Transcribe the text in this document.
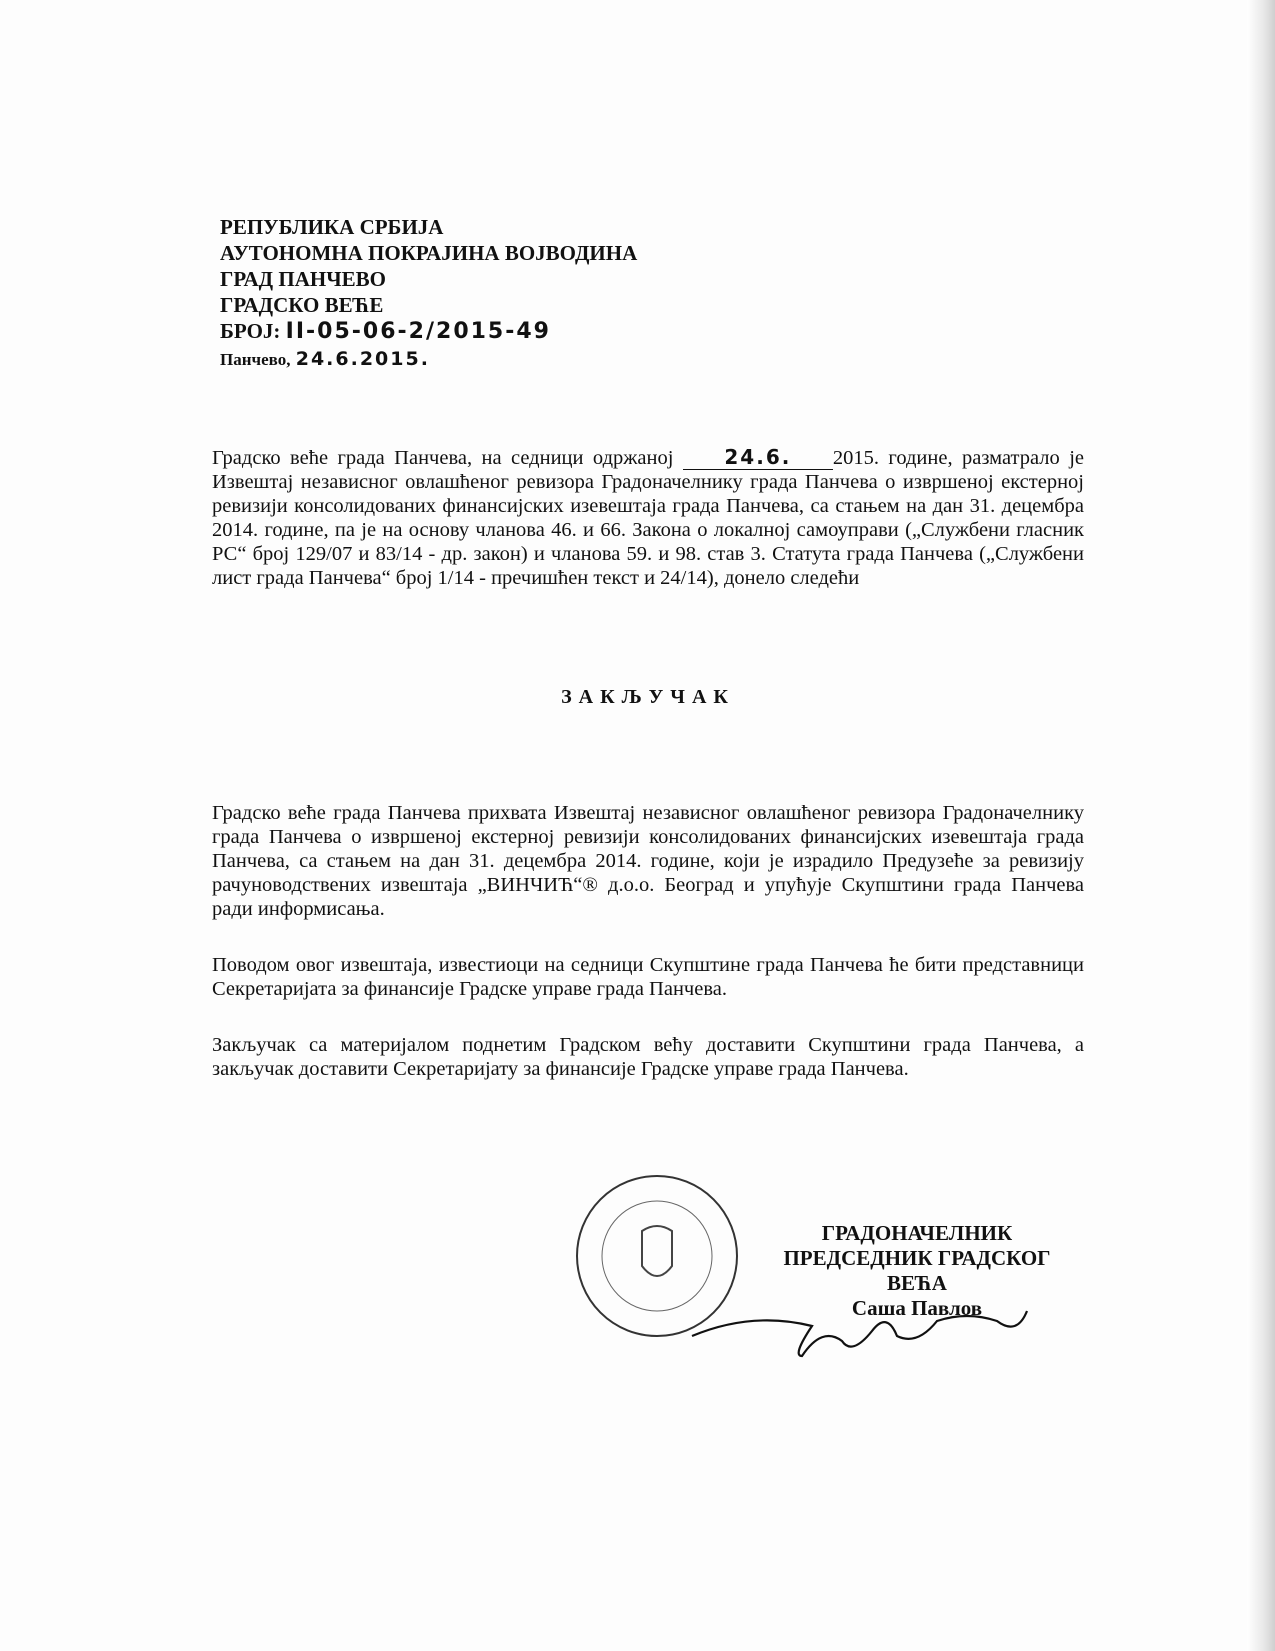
РЕПУБЛИКА СРБИЈА
АУТОНОМНА ПОКРАЈИНА ВОЈВОДИНА
ГРАД ПАНЧЕВО
ГРАДСКО ВЕЋЕ
БРОЈ: II-05-06-2/2015-49
Панчево, 24.6.2015.

Градско веће града Панчева, на седници одржаној	24.6. 2015. године, разматрало је Извештај независног овлашћеног ревизора Градоначелнику града Панчева о извршеној екстерној ревизији консолидованих финансијских изевештаја града Панчева, са стањем на дан 31. децембра 2014. године, па је на основу чланова 46. и 66. Закона о локалној самоуправи („Службени гласник РС“ број 129/07 и 83/14 - др. закон) и чланова 59. и 98. став 3. Статута града Панчева („Службени лист града Панчева“ број 1/14 - пречишћен текст и 24/14), донело следећи

ЗАКЉУЧАК

Градско веће града Панчева прихвата Извештај независног овлашћеног ревизора Градоначелнику града Панчева о извршеној екстерној ревизији консолидованих финансијских изевештаја града Панчева, са стањем на дан 31. децембра 2014. године, који је израдило Предузеће за ревизију рачуноводствених извештаја „ВИНЧИЋ“® д.о.о. Београд и упућује Скупштини града Панчева ради информисања.

Поводом овог извештаја, известиоци на седници Скупштине града Панчева ће бити представници Секретаријата за финансије Градске управе града Панчева.

Закључак са материјалом поднетим Градском већу доставити Скупштини града Панчева, а закључак доставити Секретаријату за финансије Градске управе града Панчева.

ГРАДОНАЧЕЛНИК
ПРЕДСЕДНИК ГРАДСКОГ ВЕЋА
Саша Павлов
